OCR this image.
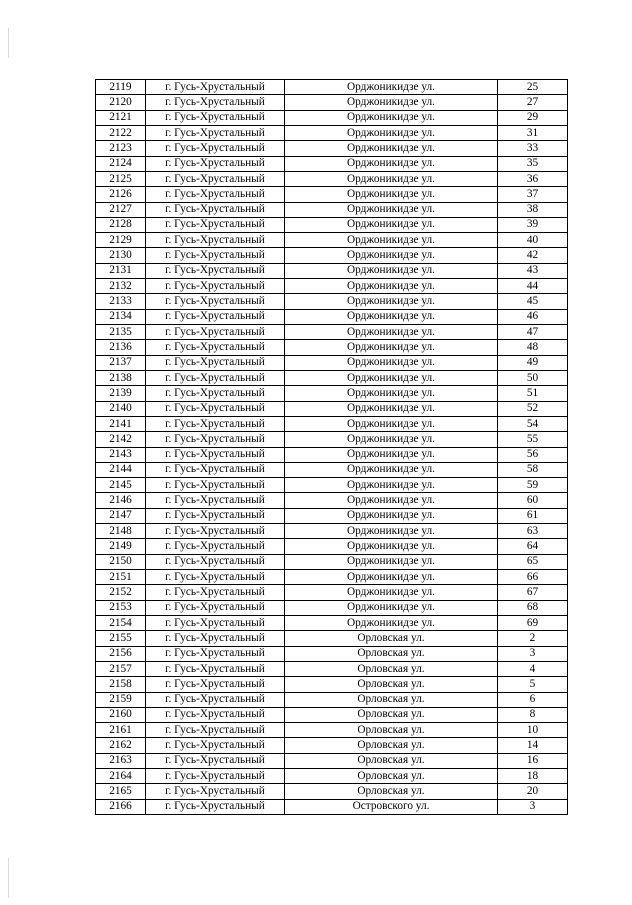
2119	г. Гусь-Хрустальный	Орджоникидзе ул.	25
2120	г. Гусь-Хрустальный	Орджоникидзе ул.	27
2121	г. Гусь-Хрустальный	Орджоникидзе ул.	29
2122	г. Гусь-Хрустальный	Орджоникидзе ул.	31
2123	г. Гусь-Хрустальный	Орджоникидзе ул.	33
2124	г. Гусь-Хрустальный	Орджоникидзе ул.	35
2125	г. Гусь-Хрустальный	Орджоникидзе ул.	36
2126	г. Гусь-Хрустальный	Орджоникидзе ул.	37
2127	г. Гусь-Хрустальный	Орджоникидзе ул.	38
2128	г. Гусь-Хрустальный	Орджоникидзе ул.	39
2129	г. Гусь-Хрустальный	Орджоникидзе ул.	40
2130	г. Гусь-Хрустальный	Орджоникидзе ул.	42
2131	г. Гусь-Хрустальный	Орджоникидзе ул.	43
2132	г. Гусь-Хрустальный	Орджоникидзе ул.	44
2133	г. Гусь-Хрустальный	Орджоникидзе ул.	45
2134	г. Гусь-Хрустальный	Орджоникидзе ул.	46
2135	г. Гусь-Хрустальный	Орджоникидзе ул.	47
2136	г. Гусь-Хрустальный	Орджоникидзе ул.	48
2137	г. Гусь-Хрустальный	Орджоникидзе ул.	49
2138	г. Гусь-Хрустальный	Орджоникидзе ул.	50
2139	г. Гусь-Хрустальный	Орджоникидзе ул.	51
2140	г. Гусь-Хрустальный	Орджоникидзе ул.	52
2141	г. Гусь-Хрустальный	Орджоникидзе ул.	54
2142	г. Гусь-Хрустальный	Орджоникидзе ул.	55
2143	г. Гусь-Хрустальный	Орджоникидзе ул.	56
2144	г. Гусь-Хрустальный	Орджоникидзе ул.	58
2145	г. Гусь-Хрустальный	Орджоникидзе ул.	59
2146	г. Гусь-Хрустальный	Орджоникидзе ул.	60
2147	г. Гусь-Хрустальный	Орджоникидзе ул.	61
2148	г. Гусь-Хрустальный	Орджоникидзе ул.	63
2149	г. Гусь-Хрустальный	Орджоникидзе ул.	64
2150	г. Гусь-Хрустальный	Орджоникидзе ул.	65
2151	г. Гусь-Хрустальный	Орджоникидзе ул.	66
2152	г. Гусь-Хрустальный	Орджоникидзе ул.	67
2153	г. Гусь-Хрустальный	Орджоникидзе ул.	68
2154	г. Гусь-Хрустальный	Орджоникидзе ул.	69
2155	г. Гусь-Хрустальный	Орловская ул.	2
2156	г. Гусь-Хрустальный	Орловская ул.	3
2157	г. Гусь-Хрустальный	Орловская ул.	4
2158	г. Гусь-Хрустальный	Орловская ул.	5
2159	г. Гусь-Хрустальный	Орловская ул.	6
2160	г. Гусь-Хрустальный	Орловская ул.	8
2161	г. Гусь-Хрустальный	Орловская ул.	10
2162	г. Гусь-Хрустальный	Орловская ул.	14
2163	г. Гусь-Хрустальный	Орловская ул.	16
2164	г. Гусь-Хрустальный	Орловская ул.	18
2165	г. Гусь-Хрустальный	Орловская ул.	20
2166	г. Гусь-Хрустальный	Островского ул.	3
